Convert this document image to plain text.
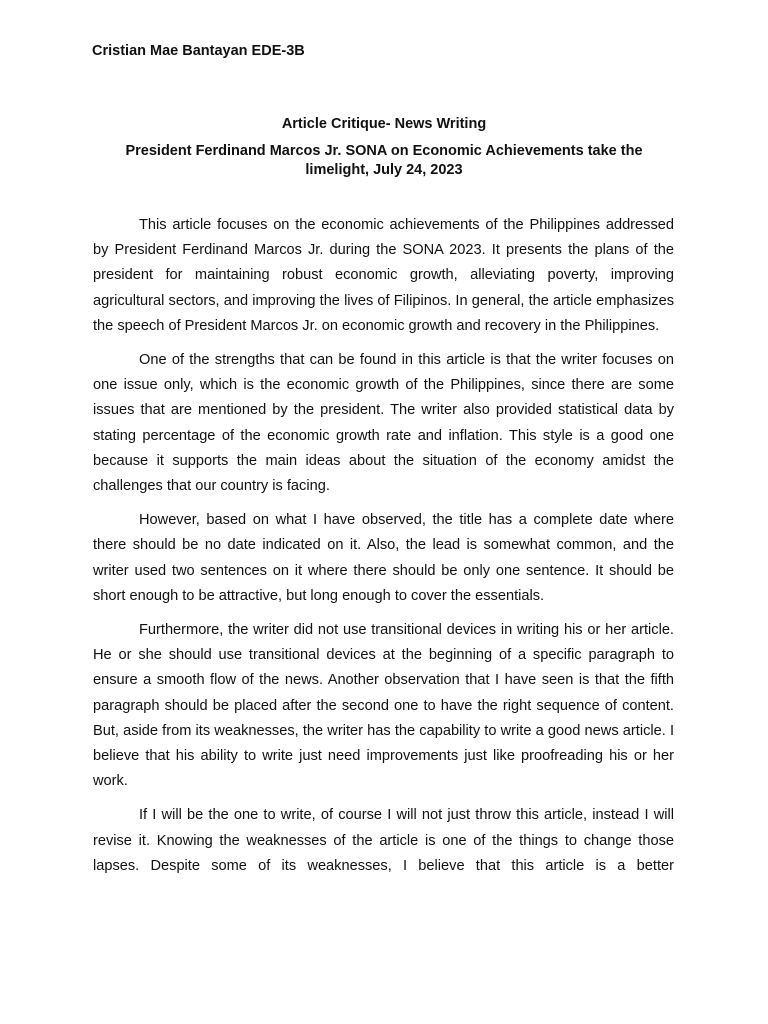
Cristian Mae Bantayan EDE-3B

Article Critique- News Writing
President Ferdinand Marcos Jr. SONA on Economic Achievements take the limelight, July 24, 2023

This article focuses on the economic achievements of the Philippines addressed by President Ferdinand Marcos Jr. during the SONA 2023. It presents the plans of the president for maintaining robust economic growth, alleviating poverty, improving agricultural sectors, and improving the lives of Filipinos. In general, the article emphasizes the speech of President Marcos Jr. on economic growth and recovery in the Philippines.

One of the strengths that can be found in this article is that the writer focuses on one issue only, which is the economic growth of the Philippines, since there are some issues that are mentioned by the president. The writer also provided statistical data by stating percentage of the economic growth rate and inflation. This style is a good one because it supports the main ideas about the situation of the economy amidst the challenges that our country is facing.

However, based on what I have observed, the title has a complete date where there should be no date indicated on it. Also, the lead is somewhat common, and the writer used two sentences on it where there should be only one sentence. It should be short enough to be attractive, but long enough to cover the essentials.

Furthermore, the writer did not use transitional devices in writing his or her article. He or she should use transitional devices at the beginning of a specific paragraph to ensure a smooth flow of the news. Another observation that I have seen is that the fifth paragraph should be placed after the second one to have the right sequence of content. But, aside from its weaknesses, the writer has the capability to write a good news article. I believe that his ability to write just need improvements just like proofreading his or her work.

If I will be the one to write, of course I will not just throw this article, instead I will revise it. Knowing the weaknesses of the article is one of the things to change those lapses. Despite some of its weaknesses, I believe that this article is a better
